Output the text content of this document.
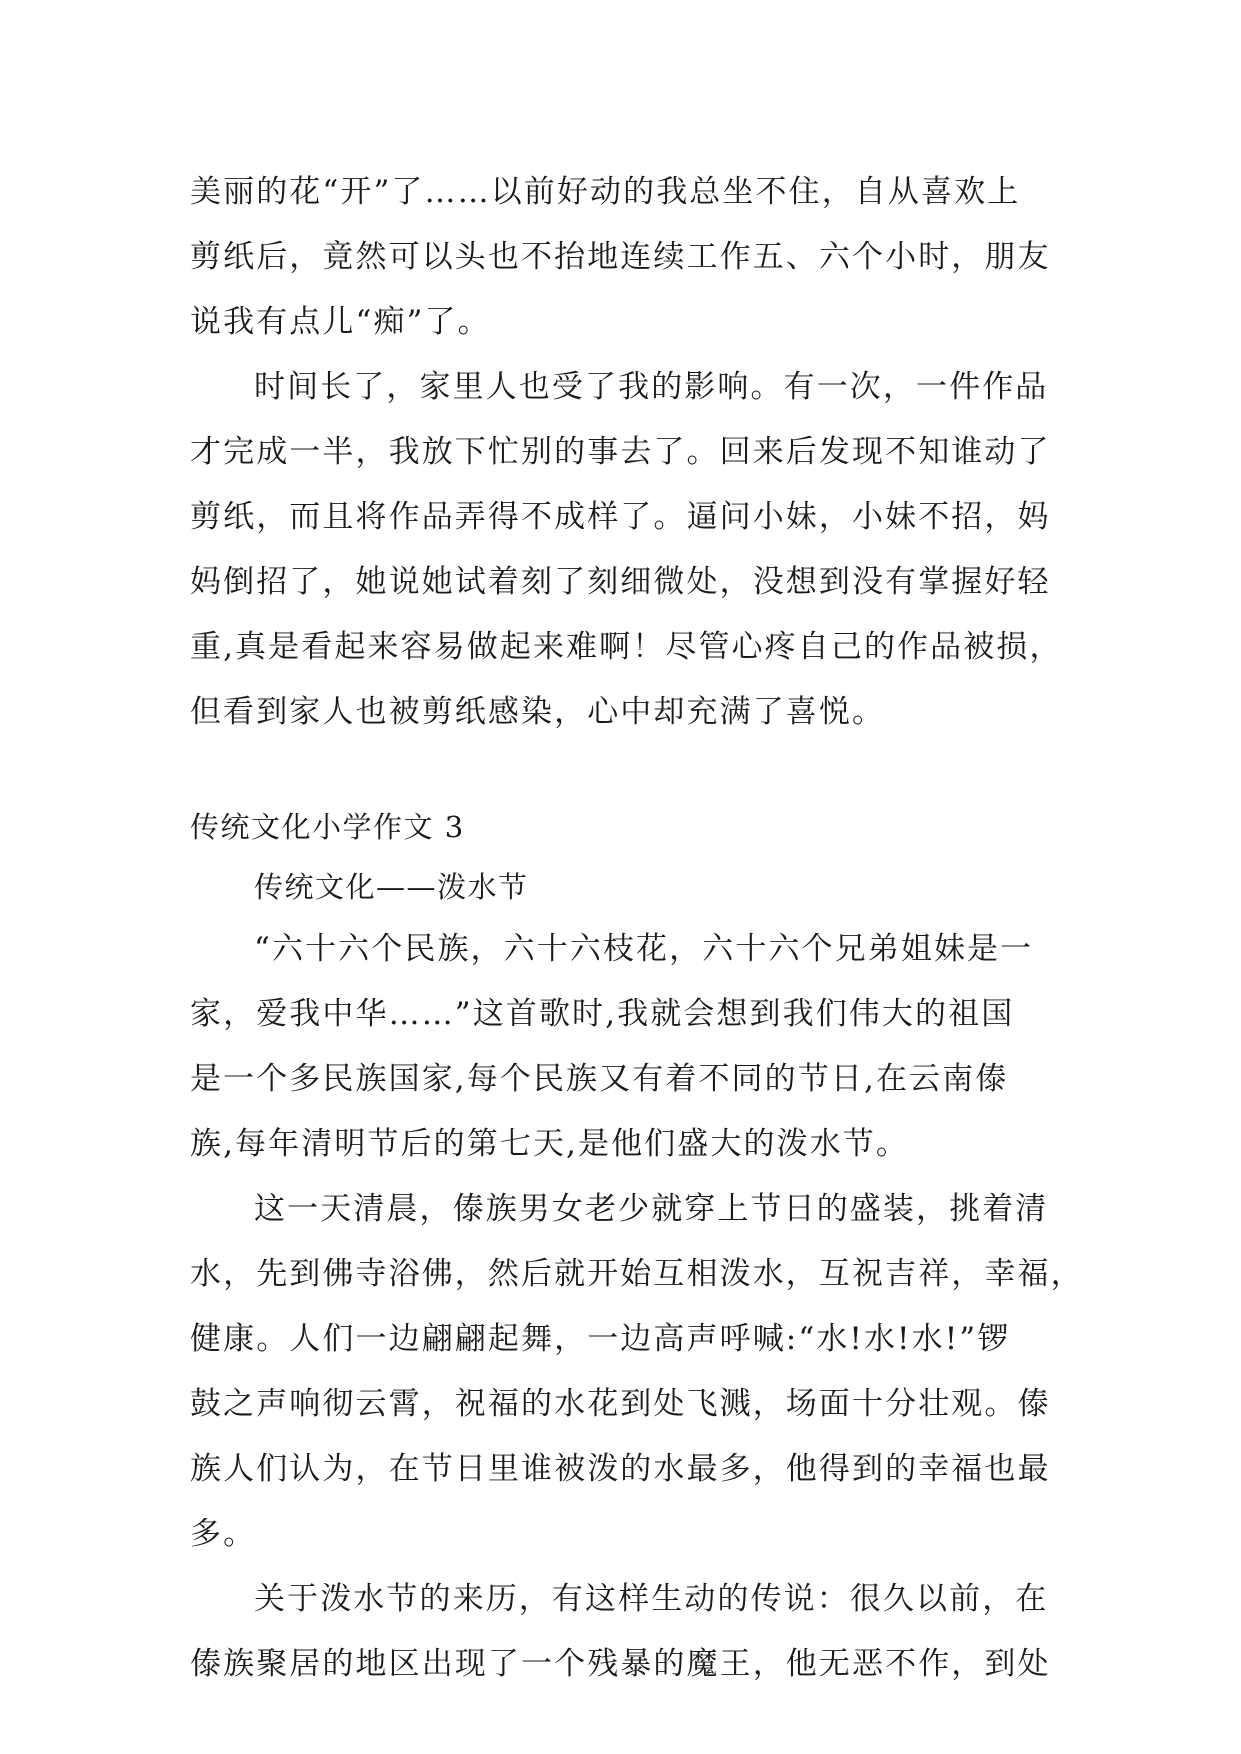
美丽的花“开”了……以前好动的我总坐不住，自从喜欢上
剪纸后，竟然可以头也不抬地连续工作五、六个小时，朋友
说我有点儿“痴”了。
时间长了，家里人也受了我的影响。有一次，一件作品
才完成一半，我放下忙别的事去了。回来后发现不知谁动了
剪纸，而且将作品弄得不成样了。逼问小妹，小妹不招，妈
妈倒招了，她说她试着刻了刻细微处，没想到没有掌握好轻
重,真是看起来容易做起来难啊！尽管心疼自己的作品被损，
但看到家人也被剪纸感染，心中却充满了喜悦。
传统文化小学作文 3
传统文化——泼水节
“六十六个民族，六十六枝花，六十六个兄弟姐妹是一
家，爱我中华……”这首歌时,我就会想到我们伟大的祖国
是一个多民族国家,每个民族又有着不同的节日,在云南傣
族,每年清明节后的第七天,是他们盛大的泼水节。
这一天清晨，傣族男女老少就穿上节日的盛装，挑着清
水，先到佛寺浴佛，然后就开始互相泼水，互祝吉祥，幸福，
健康。人们一边翩翩起舞，一边高声呼喊:“水!水!水!”锣
鼓之声响彻云霄，祝福的水花到处飞溅，场面十分壮观。傣
族人们认为，在节日里谁被泼的水最多，他得到的幸福也最
多。
关于泼水节的来历，有这样生动的传说：很久以前，在
傣族聚居的地区出现了一个残暴的魔王，他无恶不作，到处
